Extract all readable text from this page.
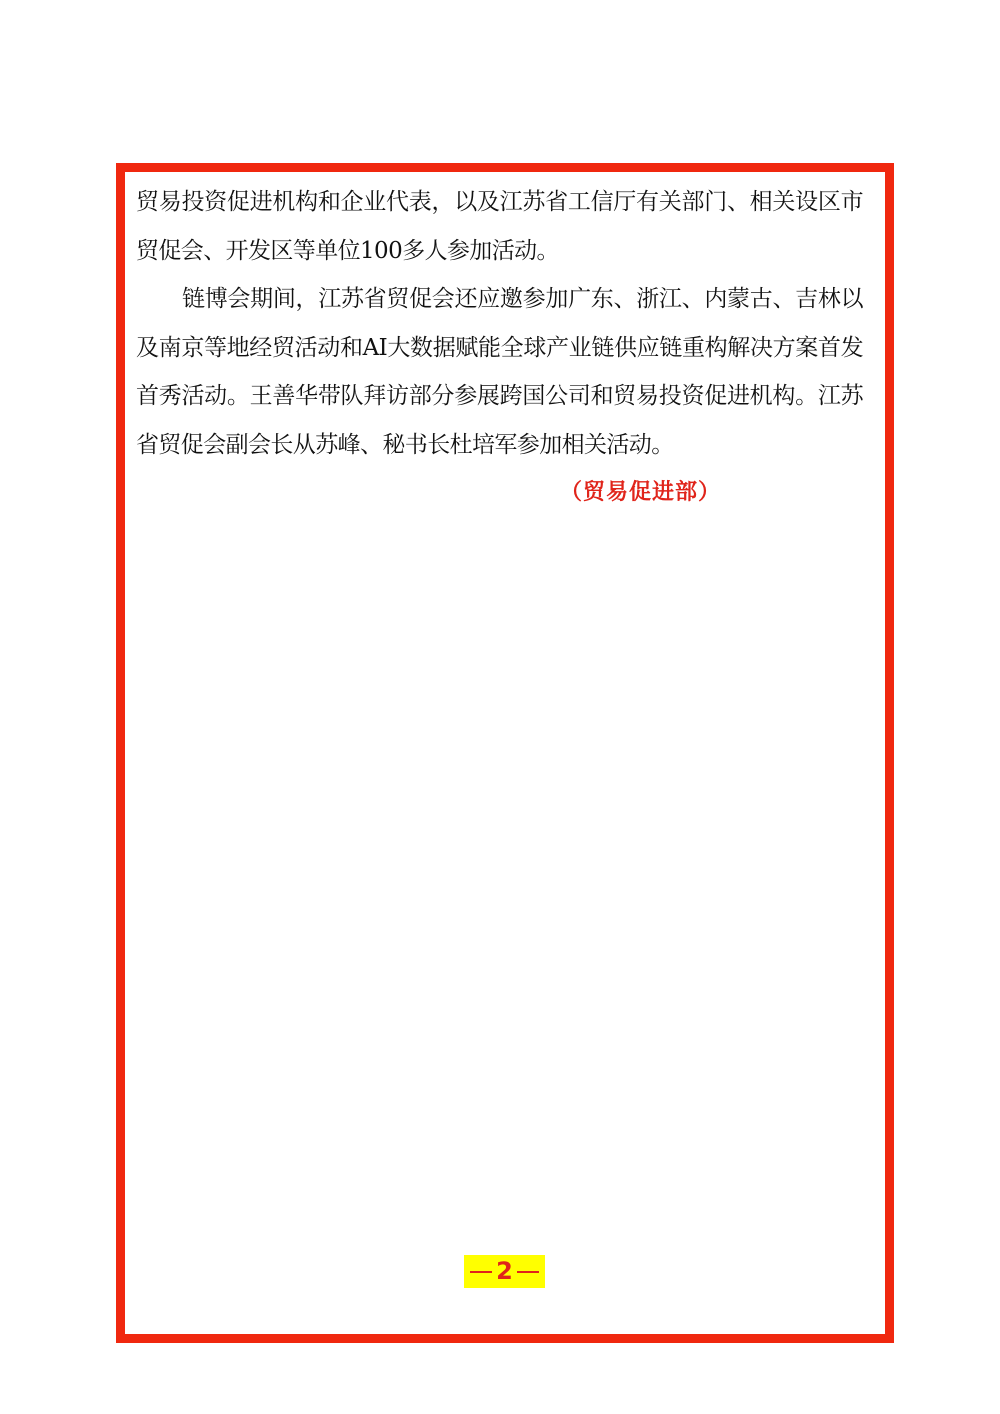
贸易投资促进机构和企业代表，以及江苏省工信厅有关部门、相关设区市贸促会、开发区等单位100多人参加活动。

链博会期间，江苏省贸促会还应邀参加广东、浙江、内蒙古、吉林以及南京等地经贸活动和AI大数据赋能全球产业链供应链重构解决方案首发首秀活动。王善华带队拜访部分参展跨国公司和贸易投资促进机构。江苏省贸促会副会长从苏峰、秘书长杜培军参加相关活动。

（贸易促进部）
2
